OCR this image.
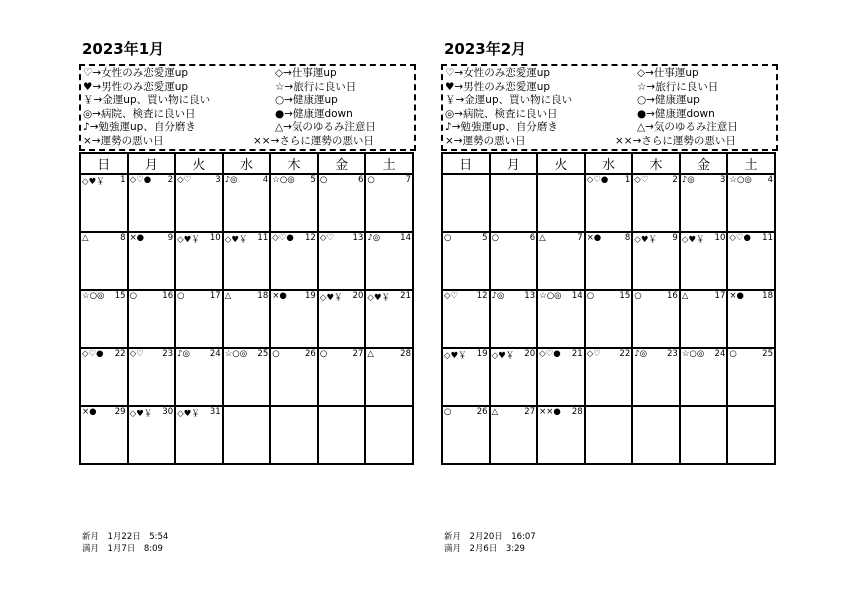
2023年1月
♡→女性のみ恋愛運up	◇→仕事運up
♥→男性のみ恋愛運up	☆→旅行に良い日
￥→金運up、買い物に良い	○→健康運up
◎→病院、検査に良い日	●→健康運down
♪→勉強運up、自分磨き	△→気のゆるみ注意日
×→運勢の悪い日	××→さらに運勢の悪い日
日	月	火	水	木	金	土

◇♥￥ 1	◇♡● 2	◇♡ 3	♪◎ 4	☆○◎ 5	○ 6	○ 7

△ 8	×● 9	◇♥￥ 10	◇♥￥ 11	◇♡● 12	◇♡ 13	♪◎ 14

☆○◎ 15	○ 16	○ 17	△ 18	×● 19	◇♥￥ 20	◇♥￥ 21

◇♡● 22	◇♡ 23	♪◎ 24	☆○◎ 25	○ 26	○ 27	△ 28

×● 29	◇♥￥ 30	◇♥￥ 31				

新月　1月22日　5:54
満月　1月7日　8:09
2023年2月
♡→女性のみ恋愛運up	◇→仕事運up
♥→男性のみ恋愛運up	☆→旅行に良い日
￥→金運up、買い物に良い	○→健康運up
◎→病院、検査に良い日	●→健康運down
♪→勉強運up、自分磨き	△→気のゆるみ注意日
×→運勢の悪い日	××→さらに運勢の悪い日
日	月	火	水	木	金	土

			◇♡● 1	◇♡ 2	♪◎ 3	☆○◎ 4

○ 5	○ 6	△ 7	×● 8	◇♥￥ 9	◇♥￥ 10	◇♡● 11

◇♡ 12	♪◎ 13	☆○◎ 14	○ 15	○ 16	△ 17	×● 18

◇♥￥ 19	◇♥￥ 20	◇♡● 21	◇♡ 22	♪◎ 23	☆○◎ 24	○ 25

○ 26	△ 27	××● 28				

新月　2月20日　16:07
満月　2月6日　3:29
